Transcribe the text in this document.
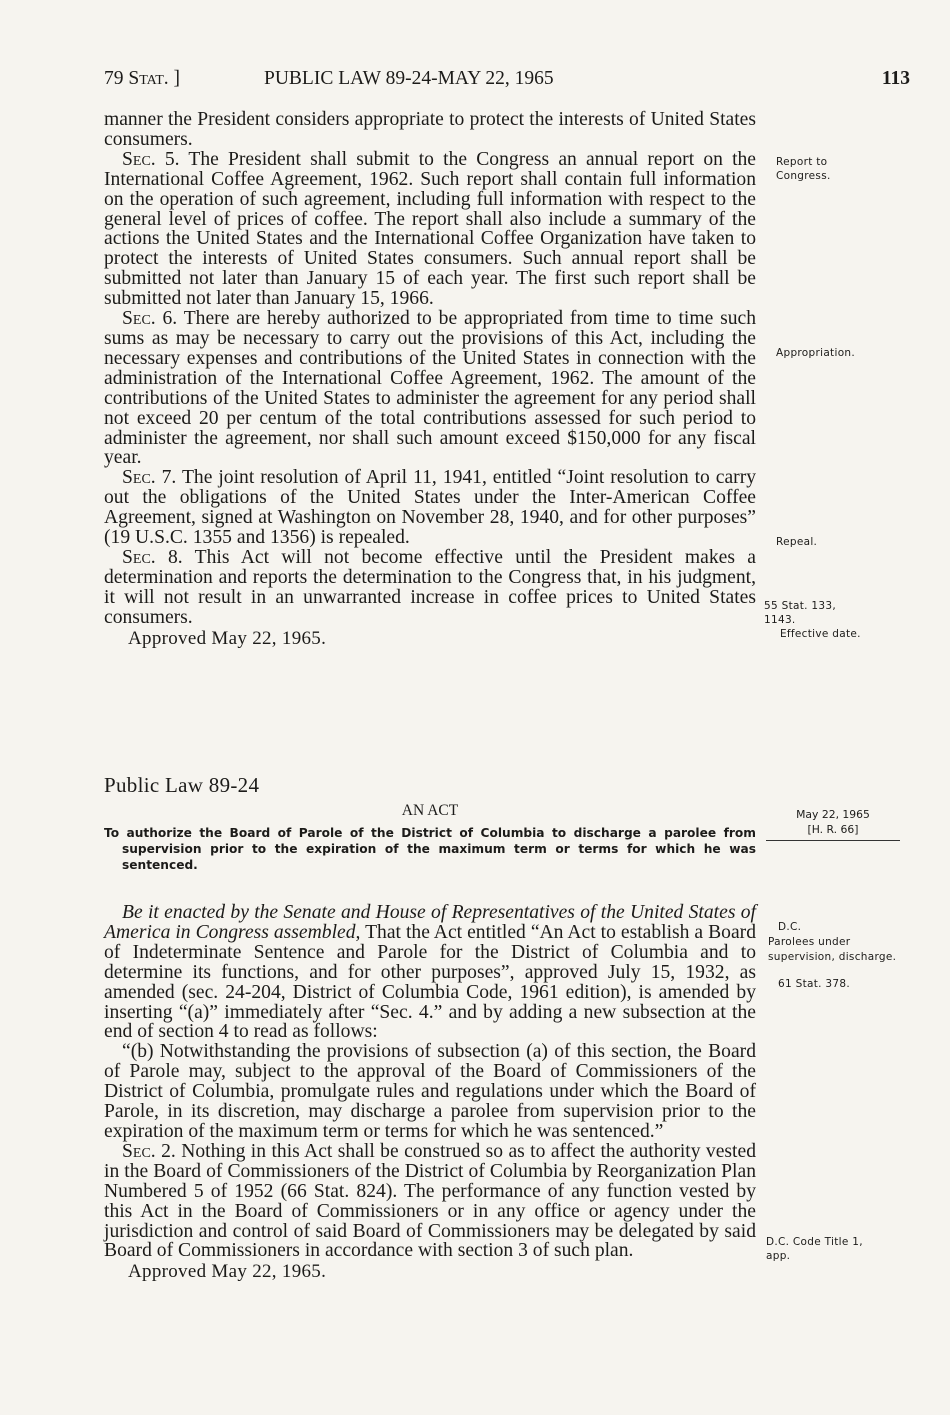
79 Stat. ]	PUBLIC LAW 89-24-MAY 22, 1965	113

manner the President considers appropriate to protect the interests of United States consumers.

Sec. 5. The President shall submit to the Congress an annual report on the International Coffee Agreement, 1962. Such report shall contain full information on the operation of such agreement, including full information with respect to the general level of prices of coffee. The report shall also include a summary of the actions the United States and the International Coffee Organization have taken to protect the interests of United States consumers. Such annual report shall be submitted not later than January 15 of each year. The first such report shall be submitted not later than January 15, 1966.

Sec. 6. There are hereby authorized to be appropriated from time to time such sums as may be necessary to carry out the provisions of this Act, including the necessary expenses and contributions of the United States in connection with the administration of the International Coffee Agreement, 1962. The amount of the contributions of the United States to administer the agreement for any period shall not exceed 20 per centum of the total contributions assessed for such period to administer the agreement, nor shall such amount exceed $150,000 for any fiscal year.

Sec. 7. The joint resolution of April 11, 1941, entitled “Joint resolution to carry out the obligations of the United States under the Inter-American Coffee Agreement, signed at Washington on November 28, 1940, and for other purposes” (19 U.S.C. 1355 and 1356) is repealed.

Sec. 8. This Act will not become effective until the President makes a determination and reports the determination to the Congress that, in his judgment, it will not result in an unwarranted increase in coffee prices to United States consumers.

Approved May 22, 1965.

Public Law 89-24
AN ACT

To authorize the Board of Parole of the District of Columbia to discharge a parolee from supervision prior to the expiration of the maximum term or terms for which he was sentenced.

Be it enacted by the Senate and House of Representatives of the United States of America in Congress assembled, That the Act entitled “An Act to establish a Board of Indeterminate Sentence and Parole for the District of Columbia and to determine its functions, and for other purposes”, approved July 15, 1932, as amended (sec. 24-204, District of Columbia Code, 1961 edition), is amended by inserting “(a)” immediately after “Sec. 4.” and by adding a new subsection at the end of section 4 to read as follows:

“(b) Notwithstanding the provisions of subsection (a) of this section, the Board of Parole may, subject to the approval of the Board of Commissioners of the District of Columbia, promulgate rules and regulations under which the Board of Parole, in its discretion, may discharge a parolee from supervision prior to the expiration of the maximum term or terms for which he was sentenced.”

Sec. 2. Nothing in this Act shall be construed so as to affect the authority vested in the Board of Commissioners of the District of Columbia by Reorganization Plan Numbered 5 of 1952 (66 Stat. 824). The performance of any function vested by this Act in the Board of Commissioners or in any office or agency under the jurisdiction and control of said Board of Commissioners may be delegated by said Board of Commissioners in accordance with section 3 of such plan.

Approved May 22, 1965.

Report to Congress.
Appropriation.
Repeal.
55 Stat. 133, 1143.
Effective date.
May 22, 1965
[H. R. 66]
D.C.
Parolees under supervision, discharge.
61 Stat. 378.
D.C. Code Title 1, app.
